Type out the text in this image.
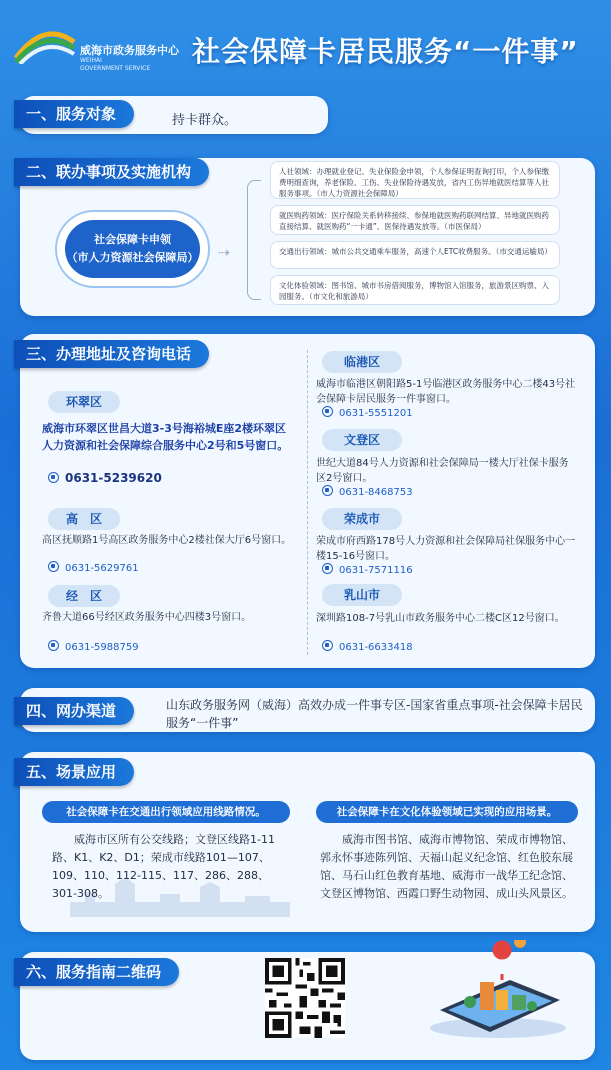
威海市政务服务中心
WEIHAI
GOVERNMENT SERVICE
社会保障卡居民服务“一件事”
一、服务对象	持卡群众。
二、联办事项及实施机构
社会保障卡申领
（市人力资源社会保障局） ⇢
人社领域：办理就业登记、失业保险金申领，个人参保证明查询打印，个人参保缴费明细查询，养老保险、工伤、失业保险待遇发放，省内工伤异地就医结算等人社服务事项。（市人力资源社会保障局）
就医购药领域：医疗保险关系转移接续、参保地就医购药联网结算、异地就医购药直接结算、就医购药“一卡通”、医保待遇发放等。（市医保局）
交通出行领域：城市公共交通乘车服务，高速个人ETC收费服务。（市交通运输局）
文化体验领域：图书馆、城市书房借阅服务，博物馆入馆服务，旅游景区购票、入园服务。（市文化和旅游局）
三、办理地址及咨询电话
环翠区
威海市环翠区世昌大道3-3号海裕城E座2楼环翠区人力资源和社会保障综合服务中心2号和5号窗口。
0631-5239620
高　区
高区抚顺路1号高区政务服务中心2楼社保大厅6号窗口。
0631-5629761
经　区
齐鲁大道66号经区政务服务中心四楼3号窗口。
0631-5988759
临港区
威海市临港区朝阳路5-1号临港区政务服务中心二楼43号社会保障卡居民服务一件事窗口。
0631-5551201
文登区
世纪大道84号人力资源和社会保障局一楼大厅社保卡服务区2号窗口。
0631-8468753
荣成市
荣成市府西路178号人力资源和社会保障局社保服务中心一楼15-16号窗口。
0631-7571116
乳山市
深圳路108-7号乳山市政务服务中心二楼C区12号窗口。
0631-6633418
四、网办渠道	山东政务服务网（威海）高效办成一件事专区-国家省重点事项-社会保障卡居民服务“一件事”
五、场景应用
社会保障卡在交通出行领域应用线路情况。
威海市区所有公交线路；文登区线路1-11路、K1、K2、D1；荣成市线路101—107、109、110、112-115、117、286、288、301-308。
社会保障卡在文化体验领域已实现的应用场景。
威海市图书馆、威海市博物馆、荣成市博物馆、郭永怀事迹陈列馆、天福山起义纪念馆、红色胶东展馆、马石山红色教育基地、威海市一战华工纪念馆、文登区博物馆、西霞口野生动物园、成山头风景区。
六、服务指南二维码
